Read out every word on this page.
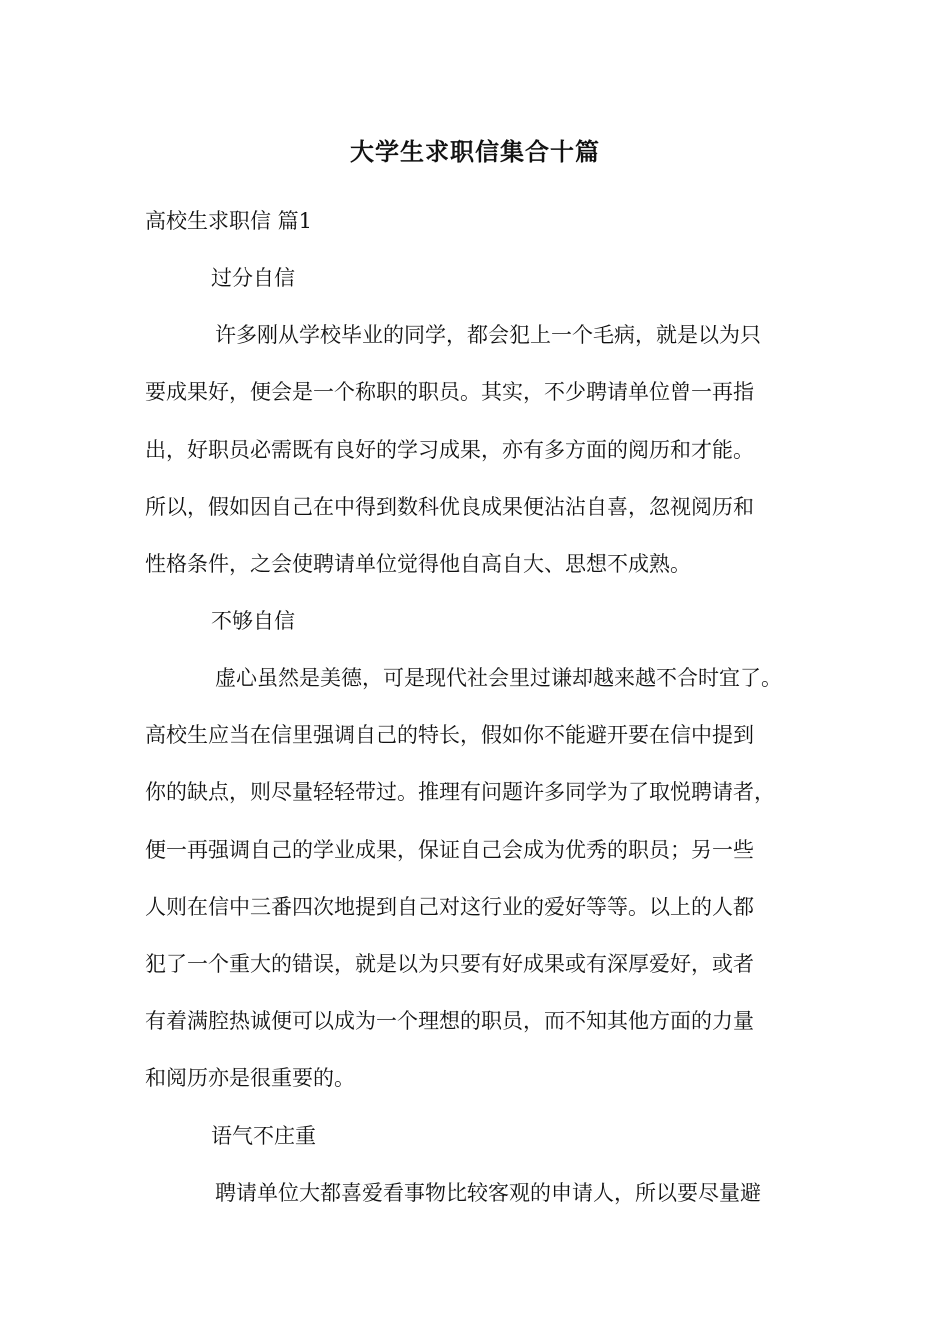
大学生求职信集合十篇
高校生求职信 篇1
过分自信
许多刚从学校毕业的同学，都会犯上一个毛病，就是以为只
要成果好，便会是一个称职的职员。其实，不少聘请单位曾一再指
出，好职员必需既有良好的学习成果，亦有多方面的阅历和才能。
所以，假如因自己在中得到数科优良成果便沾沾自喜，忽视阅历和
性格条件，之会使聘请单位觉得他自高自大、思想不成熟。
不够自信
虚心虽然是美德，可是现代社会里过谦却越来越不合时宜了。
高校生应当在信里强调自己的特长，假如你不能避开要在信中提到
你的缺点，则尽量轻轻带过。推理有问题许多同学为了取悦聘请者，
便一再强调自己的学业成果，保证自己会成为优秀的职员；另一些
人则在信中三番四次地提到自己对这行业的爱好等等。以上的人都
犯了一个重大的错误，就是以为只要有好成果或有深厚爱好，或者
有着满腔热诚便可以成为一个理想的职员，而不知其他方面的力量
和阅历亦是很重要的。
语气不庄重
聘请单位大都喜爱看事物比较客观的申请人，所以要尽量避
